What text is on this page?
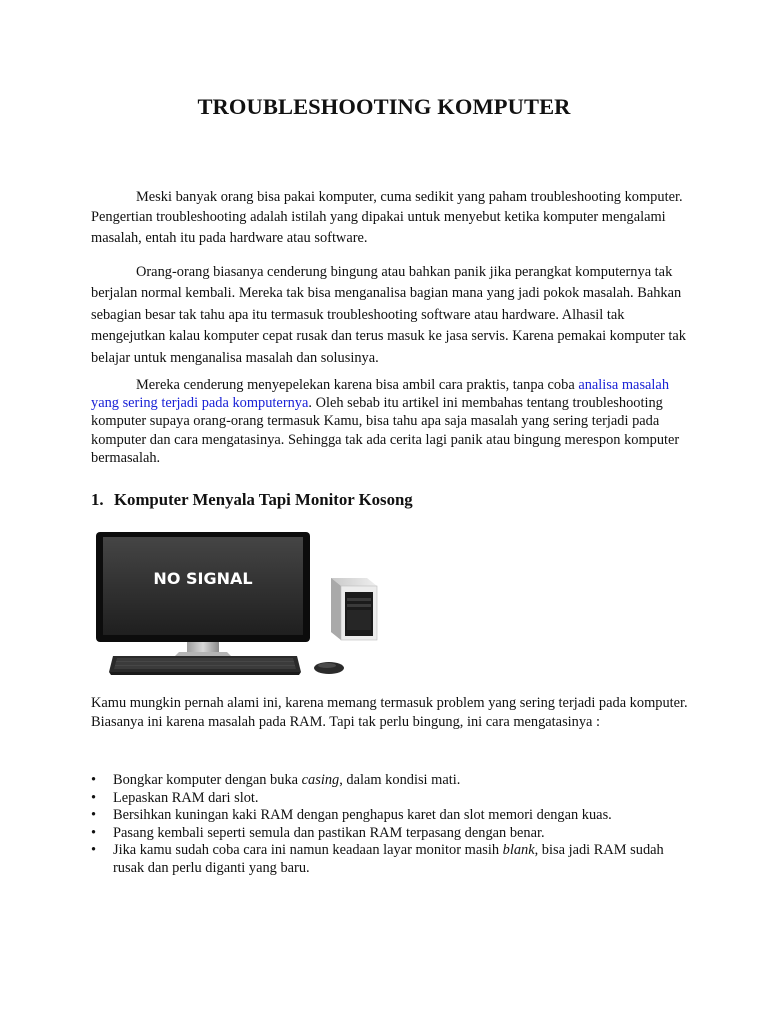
TROUBLESHOOTING KOMPUTER

Meski banyak orang bisa pakai komputer, cuma sedikit yang paham troubleshooting komputer. Pengertian troubleshooting adalah istilah yang dipakai untuk menyebut ketika komputer mengalami masalah, entah itu pada hardware atau software.

Orang-orang biasanya cenderung bingung atau bahkan panik jika perangkat komputernya tak berjalan normal kembali. Mereka tak bisa menganalisa bagian mana yang jadi pokok masalah. Bahkan sebagian besar tak tahu apa itu termasuk troubleshooting software atau hardware. Alhasil tak mengejutkan kalau komputer cepat rusak dan terus masuk ke jasa servis. Karena pemakai komputer tak belajar untuk menganalisa masalah dan solusinya.

Mereka cenderung menyepelekan karena bisa ambil cara praktis, tanpa coba analisa masalah yang sering terjadi pada komputernya. Oleh sebab itu artikel ini membahas tentang troubleshooting komputer supaya orang-orang termasuk Kamu, bisa tahu apa saja masalah yang sering terjadi pada komputer dan cara mengatasinya. Sehingga tak ada cerita lagi panik atau bingung merespon komputer bermasalah.

1. Komputer Menyala Tapi Monitor Kosong
NO SIGNAL

Kamu mungkin pernah alami ini, karena memang termasuk problem yang sering terjadi pada komputer. Biasanya ini karena masalah pada RAM. Tapi tak perlu bingung, ini cara mengatasinya :

• Bongkar komputer dengan buka casing, dalam kondisi mati.
• Lepaskan RAM dari slot.
• Bersihkan kuningan kaki RAM dengan penghapus karet dan slot memori dengan kuas.
• Pasang kembali seperti semula dan pastikan RAM terpasang dengan benar.
• Jika kamu sudah coba cara ini namun keadaan layar monitor masih blank, bisa jadi RAM sudah rusak dan perlu diganti yang baru.
